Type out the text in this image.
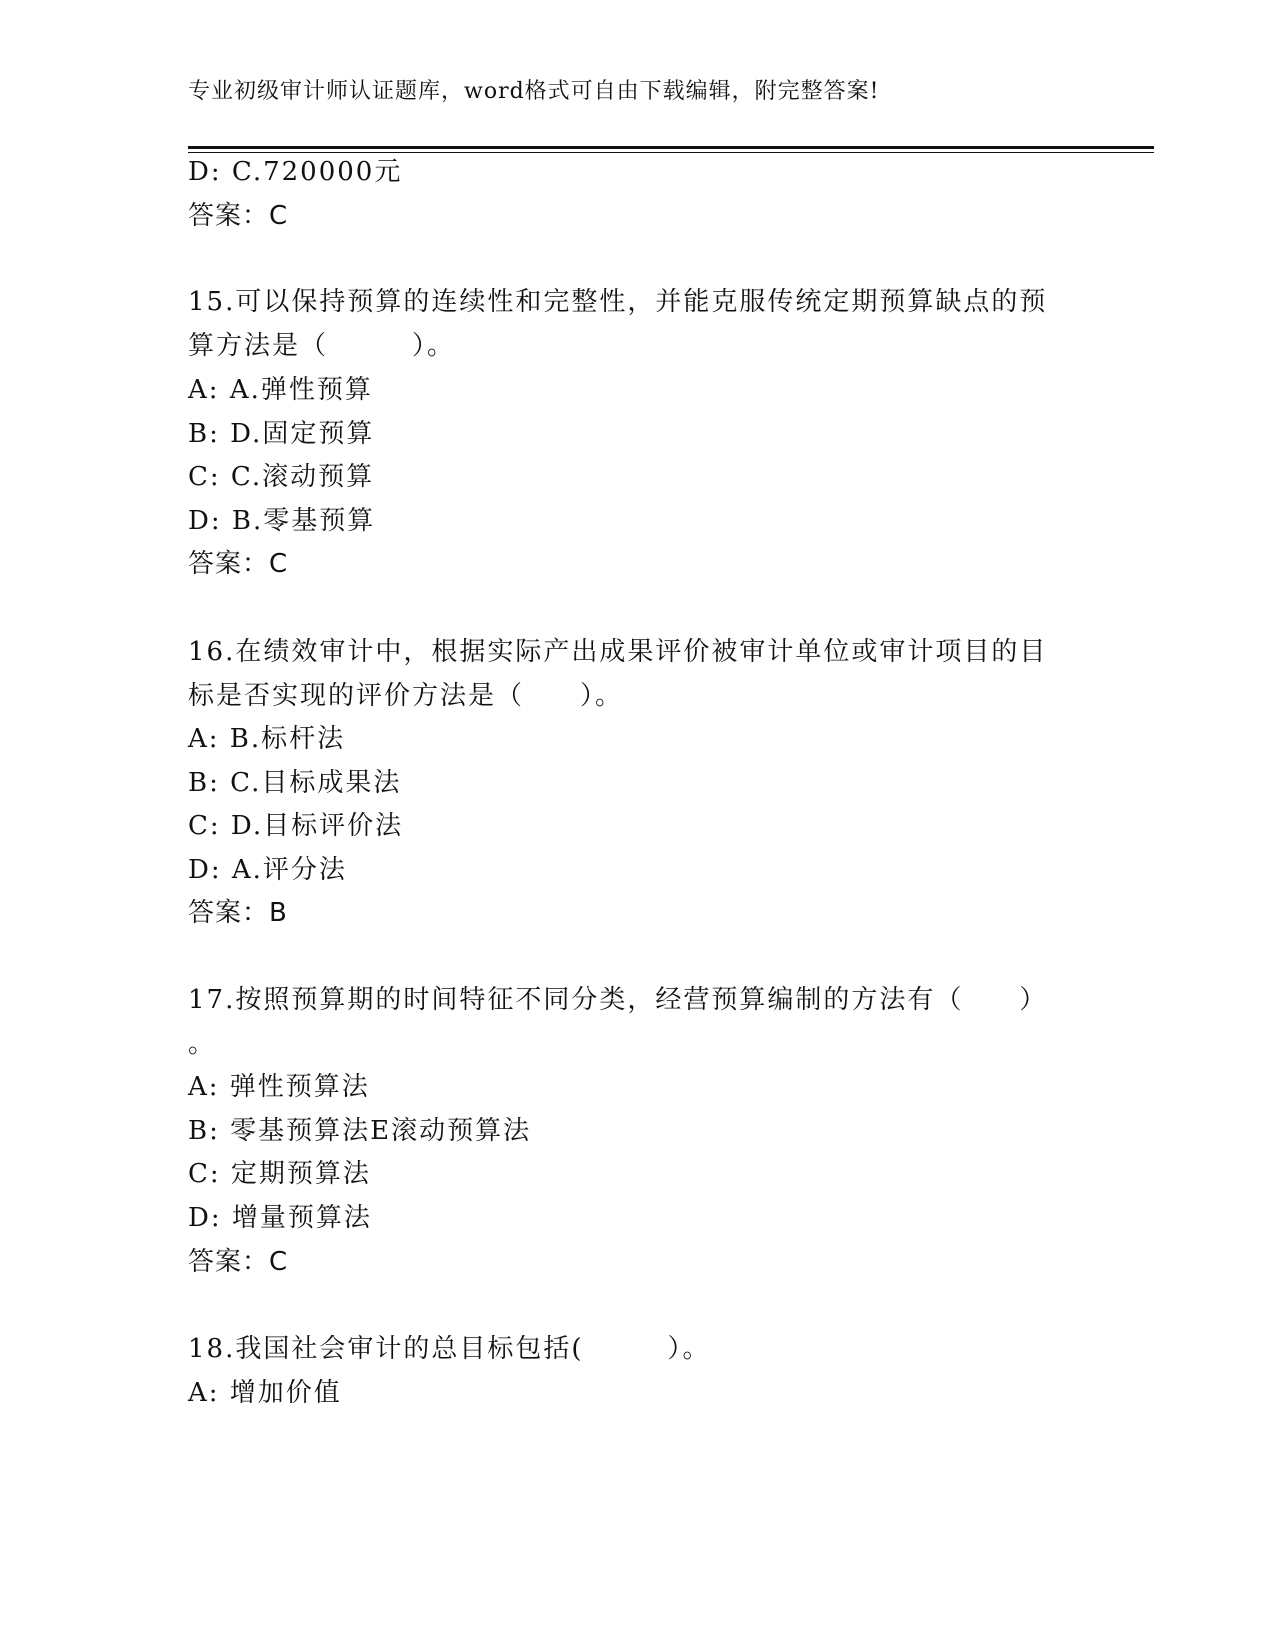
专业初级审计师认证题库，word格式可自由下载编辑，附完整答案!
D: C.720000元
答案：C
15.可以保持预算的连续性和完整性，并能克服传统定期预算缺点的预
算方法是（　　　）。
A: A.弹性预算
B: D.固定预算
C: C.滚动预算
D: B.零基预算
答案：C
16.在绩效审计中，根据实际产出成果评价被审计单位或审计项目的目
标是否实现的评价方法是（　　）。
A: B.标杆法
B: C.目标成果法
C: D.目标评价法
D: A.评分法
答案：B
17.按照预算期的时间特征不同分类，经营预算编制的方法有（　　）
。
A: 弹性预算法
B: 零基预算法E滚动预算法
C: 定期预算法
D: 增量预算法
答案：C
18.我国社会审计的总目标包括(　　　）。
A: 增加价值
